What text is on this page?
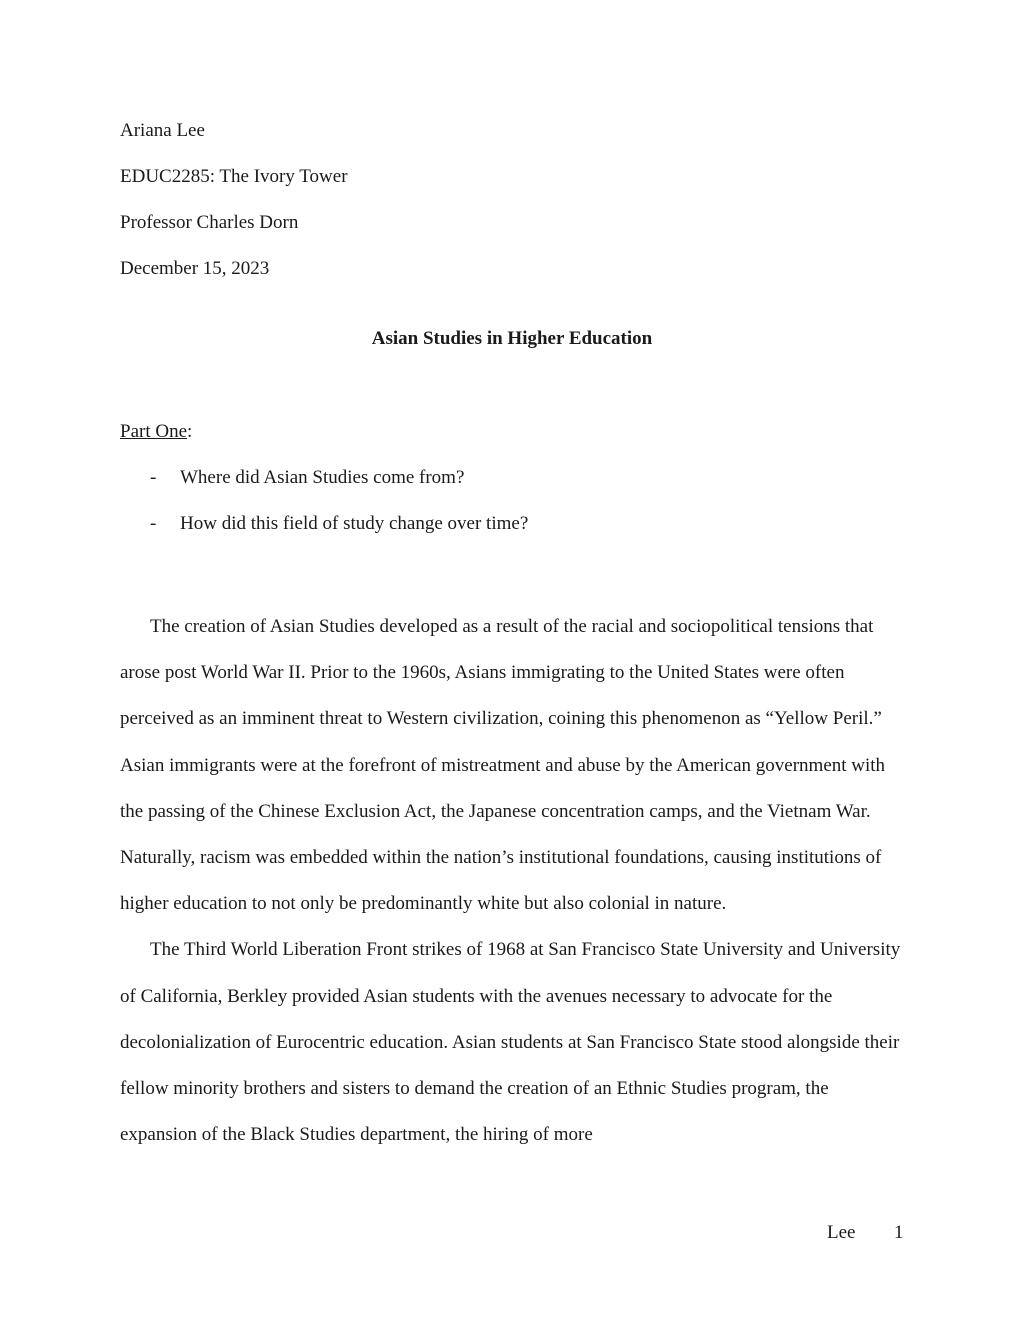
Ariana Lee
EDUC2285: The Ivory Tower
Professor Charles Dorn
December 15, 2023
Asian Studies in Higher Education
Part One:
- Where did Asian Studies come from?
- How did this field of study change over time?

The creation of Asian Studies developed as a result of the racial and sociopolitical tensions that arose post World War II. Prior to the 1960s, Asians immigrating to the United States were often perceived as an imminent threat to Western civilization, coining this phenomenon as “Yellow Peril.” Asian immigrants were at the forefront of mistreatment and abuse by the American government with the passing of the Chinese Exclusion Act, the Japanese concentration camps, and the Vietnam War. Naturally, racism was embedded within the nation’s institutional foundations, causing institutions of higher education to not only be predominantly white but also colonial in nature.

The Third World Liberation Front strikes of 1968 at San Francisco State University and University of California, Berkley provided Asian students with the avenues necessary to advocate for the decolonialization of Eurocentric education. Asian students at San Francisco State stood alongside their fellow minority brothers and sisters to demand the creation of an Ethnic Studies program, the expansion of the Black Studies department, the hiring of more

Lee 1
